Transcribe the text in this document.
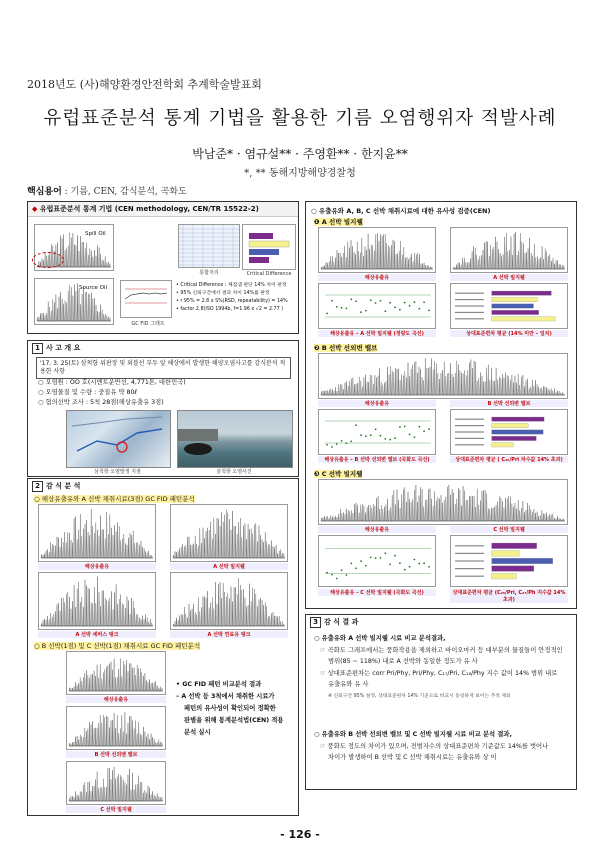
2018년도 (사)해양환경안전학회 추계학술발표회
유럽표준분석 통계 기법을 활용한 기름 오염행위자 적발사례
박남준* · 염규설** · 주영환** · 한지윤**
*, ** 동해지방해양경찰청
핵심용어 : 기름, CEN, 감식분석, 곡화도
◆ 유럽표준분석 통계 기법 (CEN methodology, CEN/TR 15522-2)
Spill Oil
Source Oil
GC FID 그래프
통합처리	Critical Difference
• Critical Difference : 체점샘 판단 14% 차이 판정
• 95% 신뢰구간에서 결과 차이 14%를 판정
• r 95% = 2.8 x S%(RSD, repeatability) = 14%
• factor 2.8(ISO 1994b, f=1.96 x √2 = 2.77 )
1 사 고 개 요
'17. 3. 25(토) 삼척항 위판장 및 외블선 부두 앞 해상에서 발생한 해양오염사고를 감식분석 적용한 사항
○ 오염원 : OO 호(시멘트운반선, 4,771톤, 대한민국)
○ 오염물질 및 수량 : 중질유 약 80ℓ
○ 혐의선박 조사 : 5척 28점(해상유출유 3점)
삼척항 오염발생 지점	삼척항 오염사진
2 감 식 분 석
○ 해상유출유와 A 선박 채취시료(3점) GC FID 패턴분석
해상유출유	A 선박 빌지웰
A 선박 세퍼스 탱크	A 선박 연료유 탱크
○ B 선박(1점) 및 C 선박(1점) 채취시료 GC FID 패턴분석
해상유출유
B 선박 선외밴 밸브
C 선박 빌지웰
• GC FID 패턴 비교분석 결과
– A 선박 등 3척에서 채취한 시료가
패턴의 유사성이 확인되어 정확한
판별을 위해 통계분석법(CEN) 적용
분석 실시
○ 유출유와 A, B, C 선박 채취시료에 대한 유사성 검증(CEN)
❶ A 선박 빌지웰
해상유출유	A 선박 빌지웰
해상유출유 – A 선박 빌지웰 (정량도 곡선)	상대표준편차 평균 (14% 미만 – 일치)
❷ B 선박 선외변 밸브
해상유출유	B 선박 선외변 밸브
해상유출유 – B 선박 선외변 밸브 (곡화도 곡선)	상대표준편차 평균 ( C₂₆/Pri 차수값 14% 초과)
❸ C 선박 빌지웰
해상유출유	C 선박 빌지웰
해상유출유 – C 선박 빌지웰 (곡화도 곡선)	상대표준편차 평균 (C₂₆/Pri, C₂₇/Ph 지수값 14% 초과)
3 감 식 결 과
○ 유출유와 A 선박 빌지웰 시료 비교 분석결과,
☞ 곡화도 그래프에서는 풍화작용을 제외하고 바이오마커 등 대부분의 물질들이 안정적인
범위(85 ~ 118%) 내로 A 선박와 동일한 정도가 유 사
☞ 상대표준편차는 corr Pri/Phy, Pri/Phy, C₁₇/Pri, C₁₈/Phy 지수 값이 14% 범위 내로
유출유와 유 사
※ 신뢰구간 95% 설정, 상대표준편차 14% 기준으로 비교시 동일하게 보이는 추적 제외
○ 유출유와 B 선박 선외변 밸브 및 C 선박 빌지웰 시료 비교 분석 결과,
☞ 풍화도 정도의 차이가 있으며, 전범자수의 상대표준편차 기준값도 14%를 벗어나
차이가 발생하여 B 선박 및 C 선박 채취시료는 유출유와 상 이
- 126 -
